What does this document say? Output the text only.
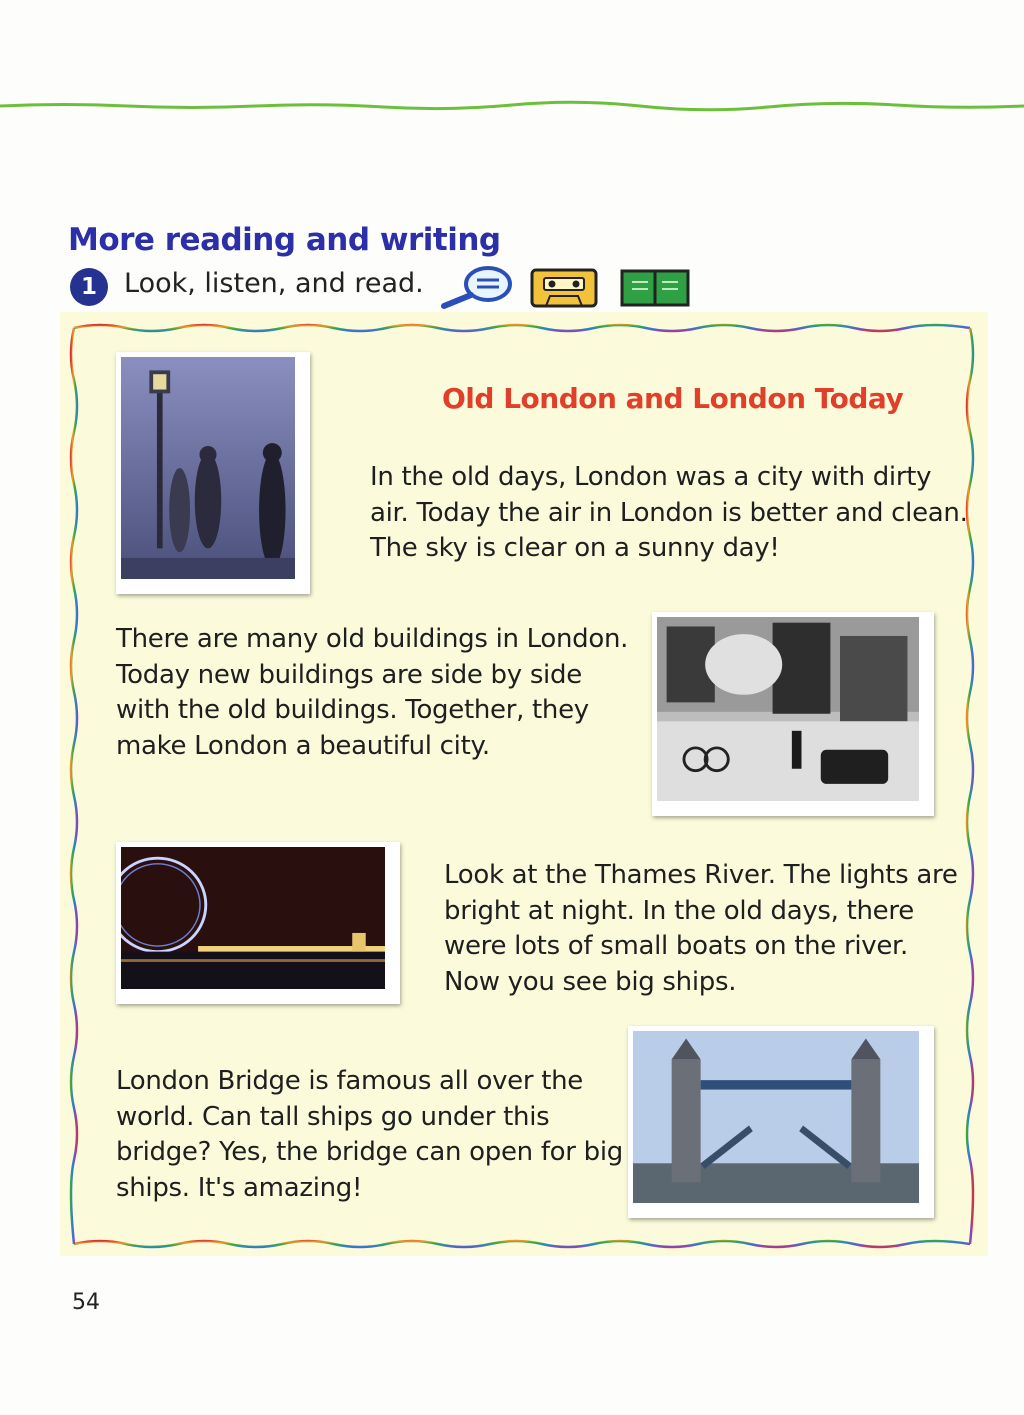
More reading and writing
1	Look, listen, and read.
Old London and London Today

In the old days, London was a city with dirty air. Today the air in London is better and clean. The sky is clear on a sunny day!

There are many old buildings in London. Today new buildings are side by side with the old buildings. Together, they make London a beautiful city.

Look at the Thames River. The lights are bright at night. In the old days, there were lots of small boats on the river. Now you see big ships.

London Bridge is famous all over the world. Can tall ships go under this bridge? Yes, the bridge can open for big ships. It's amazing!

54
